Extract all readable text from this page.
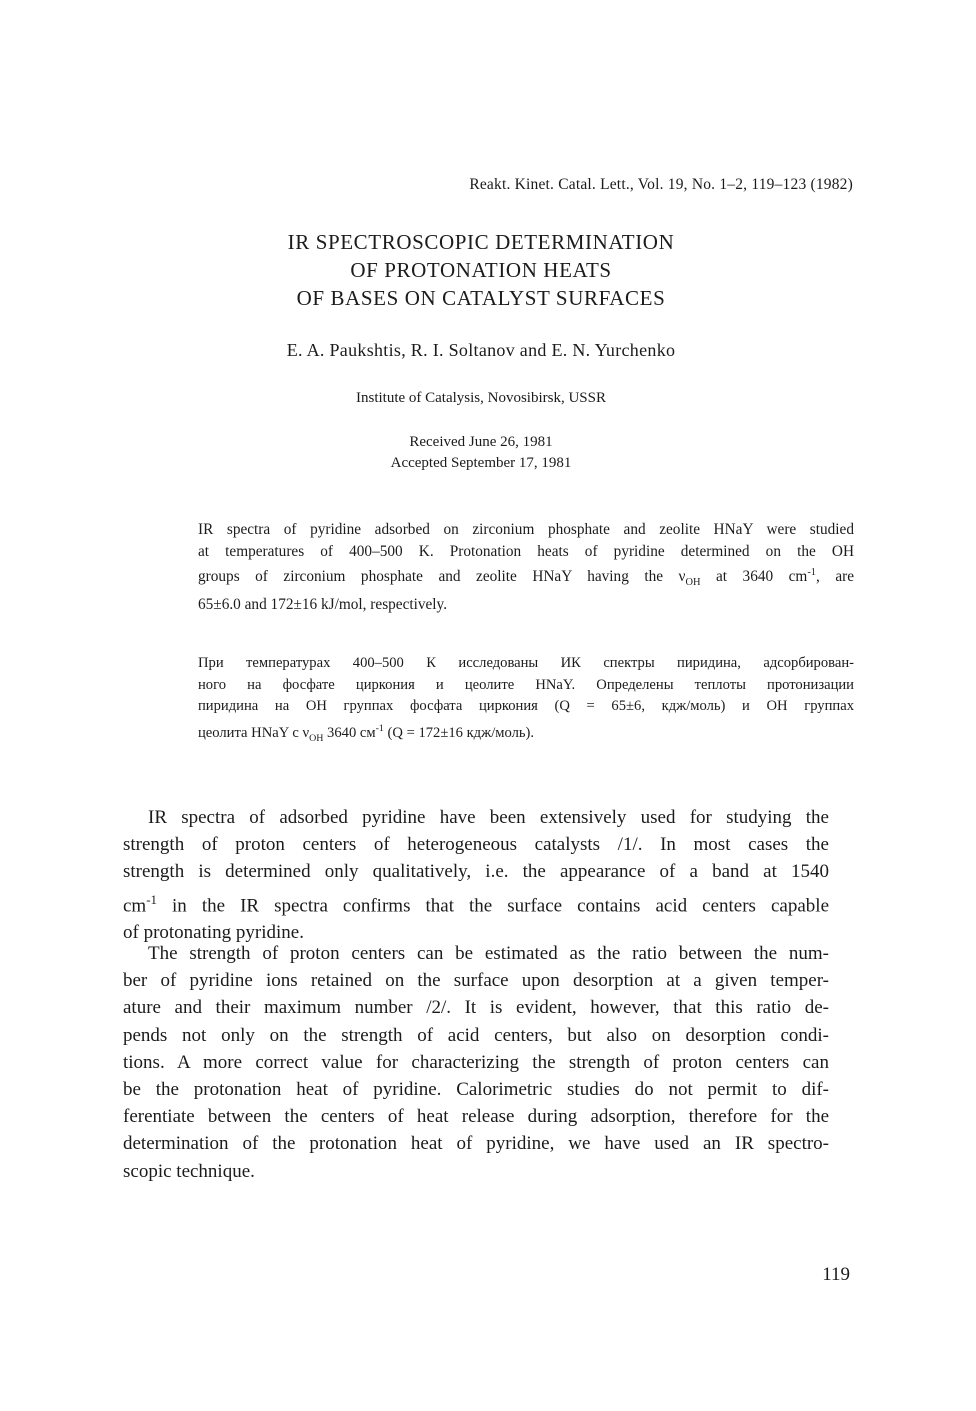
Reakt. Kinet. Catal. Lett., Vol. 19, No. 1–2, 119–123 (1982)
IR SPECTROSCOPIC DETERMINATION
OF PROTONATION HEATS
OF BASES ON CATALYST SURFACES
E. A. Paukshtis, R. I. Soltanov and E. N. Yurchenko
Institute of Catalysis, Novosibirsk, USSR
Received June 26, 1981
Accepted September 17, 1981
IR spectra of pyridine adsorbed on zirconium phosphate and zeolite HNaY were studied
at temperatures of 400–500 K. Protonation heats of pyridine determined on the OH
groups of zirconium phosphate and zeolite HNaY having the $\nu_{OH}$ at 3640 $cm^{-1}$, are
65±6.0 and 172±16 kJ/mol, respectively.
При температурах 400–500 К исследованы ИК спектры пиридина, адсорбирован-
ного на фосфате циркония и цеолите HNaY. Определены теплоты протонизации
пиридина на ОН группах фосфата циркония (Q = 65±6, кдж/моль) и ОН группах
цеолита HNaY с $\nu_{OH}$ 3640 $см^{-1}$ (Q = 172±16 кдж/моль).
IR spectra of adsorbed pyridine have been extensively used for studying the
strength of proton centers of heterogeneous catalysts /1/. In most cases the
strength is determined only qualitatively, i.e. the appearance of a band at 1540
$cm^{-1}$ in the IR spectra confirms that the surface contains acid centers capable
of protonating pyridine.
The strength of proton centers can be estimated as the ratio between the num-
ber of pyridine ions retained on the surface upon desorption at a given temper-
ature and their maximum number /2/. It is evident, however, that this ratio de-
pends not only on the strength of acid centers, but also on desorption condi-
tions. A more correct value for characterizing the strength of proton centers can
be the protonation heat of pyridine. Calorimetric studies do not permit to dif-
ferentiate between the centers of heat release during adsorption, therefore for the
determination of the protonation heat of pyridine, we have used an IR spectro-
scopic technique.
119
